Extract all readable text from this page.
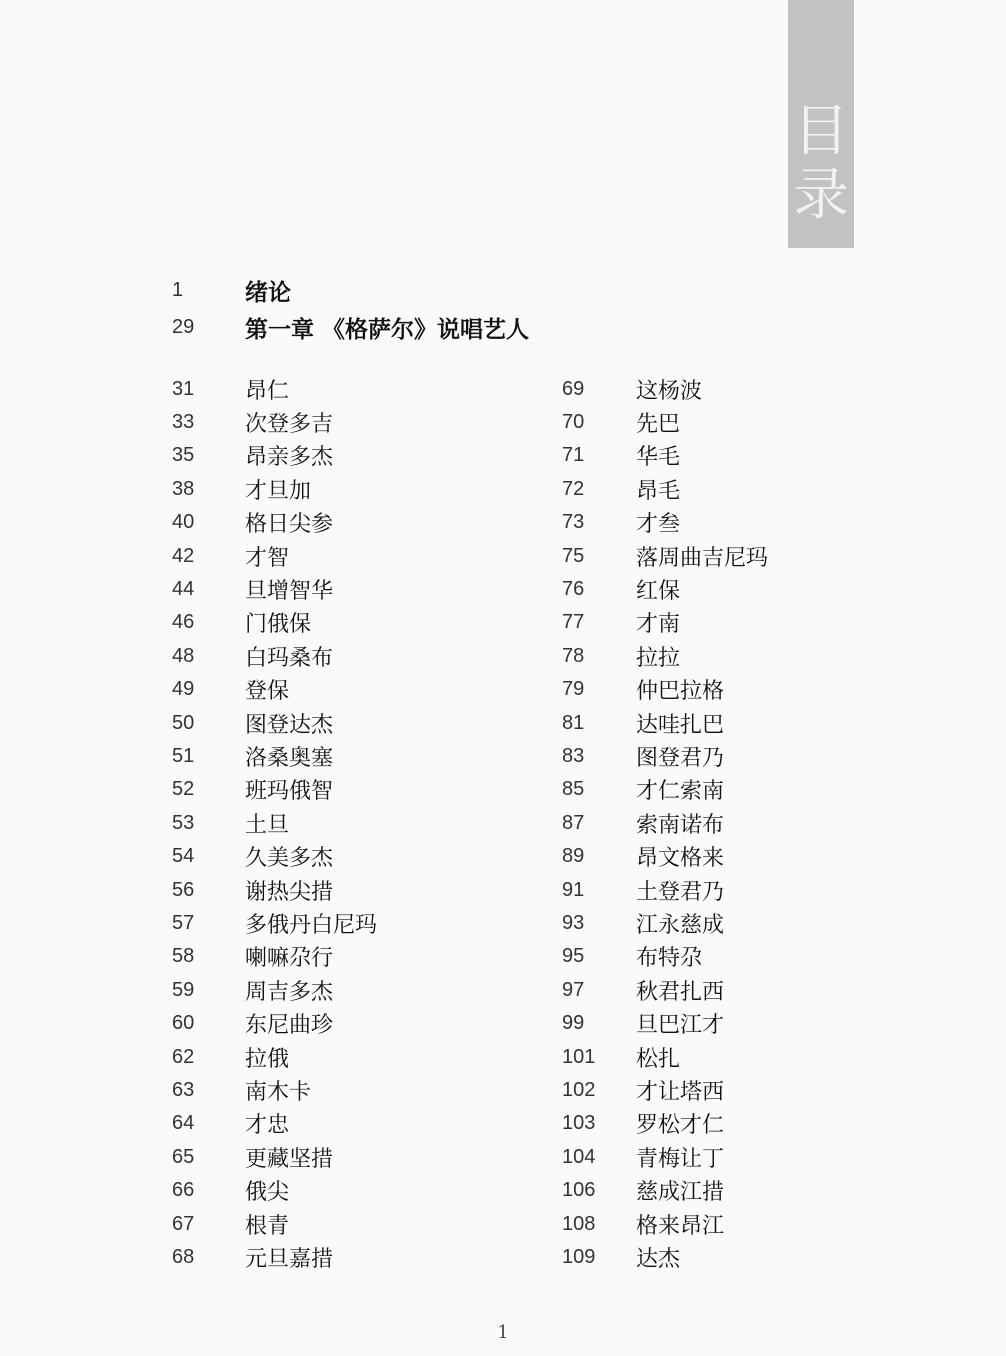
目
录
1	绪论
29	第一章 《格萨尔》说唱艺人
31	昂仁
33	次登多吉
35	昂亲多杰
38	才旦加
40	格日尖参
42	才智
44	旦增智华
46	门俄保
48	白玛桑布
49	登保
50	图登达杰
51	洛桑奥塞
52	班玛俄智
53	土旦
54	久美多杰
56	谢热尖措
57	多俄丹白尼玛
58	喇嘛尕行
59	周吉多杰
60	东尼曲珍
62	拉俄
63	南木卡
64	才忠
65	更藏坚措
66	俄尖
67	根青
68	元旦嘉措
69	这杨波
70	先巴
71	华毛
72	昂毛
73	才叁
75	落周曲吉尼玛
76	红保
77	才南
78	拉拉
79	仲巴拉格
81	达哇扎巴
83	图登君乃
85	才仁索南
87	索南诺布
89	昂文格来
91	土登君乃
93	江永慈成
95	布特尕
97	秋君扎西
99	旦巴江才
101	松扎
102	才让塔西
103	罗松才仁
104	青梅让丁
106	慈成江措
108	格来昂江
109	达杰
1
